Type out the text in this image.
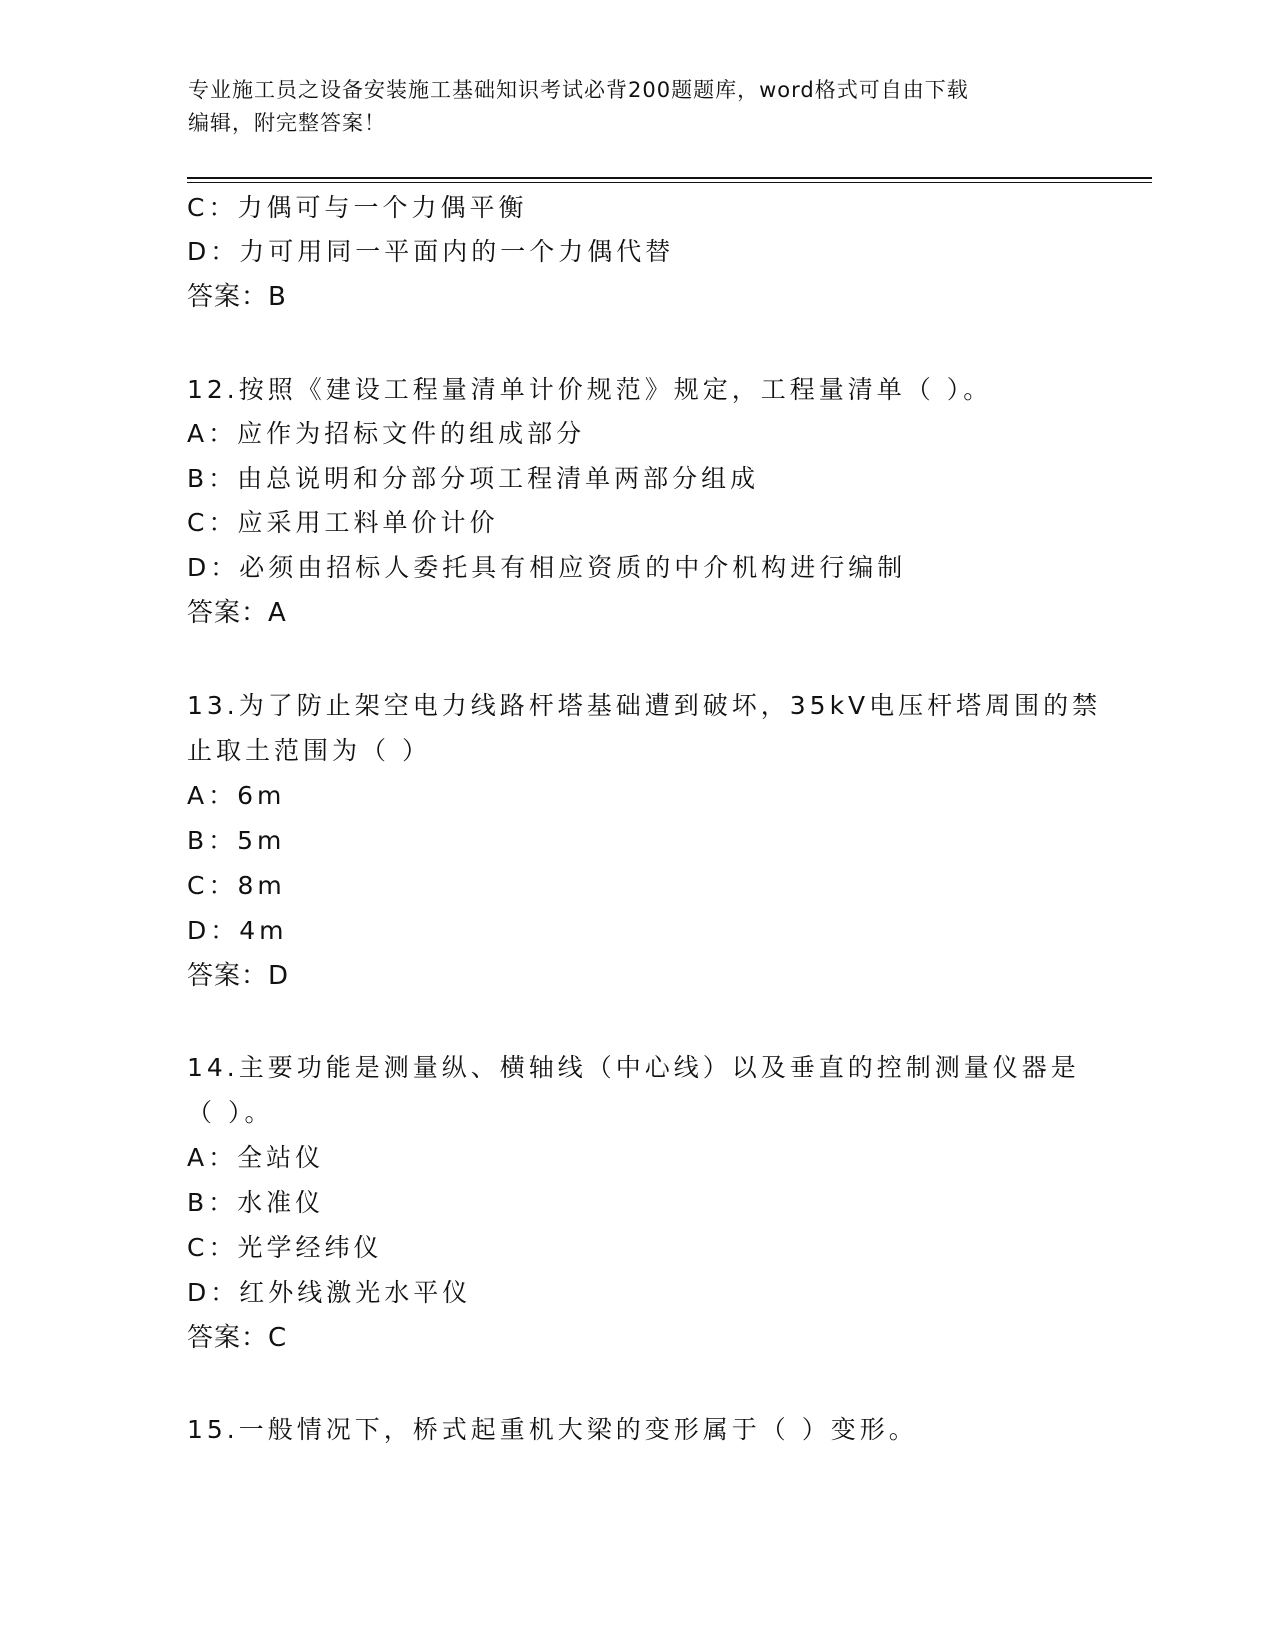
专业施工员之设备安装施工基础知识考试必背200题题库，word格式可自由下载
编辑，附完整答案！
C：力偶可与一个力偶平衡
D：力可用同一平面内的一个力偶代替
答案：B
12.按照《建设工程量清单计价规范》规定，工程量清单（ ）。
A：应作为招标文件的组成部分
B：由总说明和分部分项工程清单两部分组成
C：应采用工料单价计价
D：必须由招标人委托具有相应资质的中介机构进行编制
答案：A
13.为了防止架空电力线路杆塔基础遭到破坏，35kV电压杆塔周围的禁
止取土范围为（ ）
A：6m
B：5m
C：8m
D：4m
答案：D
14.主要功能是测量纵、横轴线（中心线）以及垂直的控制测量仪器是
（ ）。
A：全站仪
B：水准仪
C：光学经纬仪
D：红外线激光水平仪
答案：C
15.一般情况下，桥式起重机大梁的变形属于（ ）变形。
